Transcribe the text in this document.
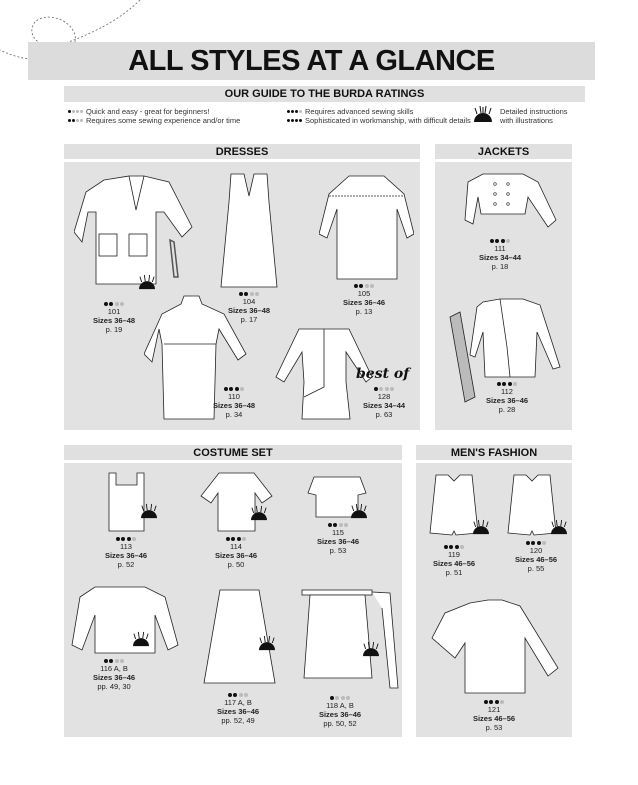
ALL STYLES AT A GLANCE
OUR GUIDE TO THE BURDA RATINGS
Quick and easy - great for beginners!
Requires some sewing experience and/or time
Requires advanced sewing skills
Sophisticated in workmanship, with difficult details
Detailed instructions
with illustrations
DRESSES
101
Sizes 36–48
p. 19
104
Sizes 36–48
p. 17
105
Sizes 36–46
p. 13
110
Sizes 36–48
p. 34
best of
128
Sizes 34–44
p. 63
JACKETS
111
Sizes 34–44
p. 18
112
Sizes 36–46
p. 28
COSTUME SET
113
Sizes 36–46
p. 52
114
Sizes 36–46
p. 50
115
Sizes 36–46
p. 53
116 A, B
Sizes 36–46
pp. 49, 30
117 A, B
Sizes 36–46
pp. 52, 49
118 A, B
Sizes 36–46
pp. 50, 52
MEN'S FASHION
119
Sizes 46–56
p. 51
120
Sizes 46–56
p. 55
121
Sizes 46–56
p. 53
